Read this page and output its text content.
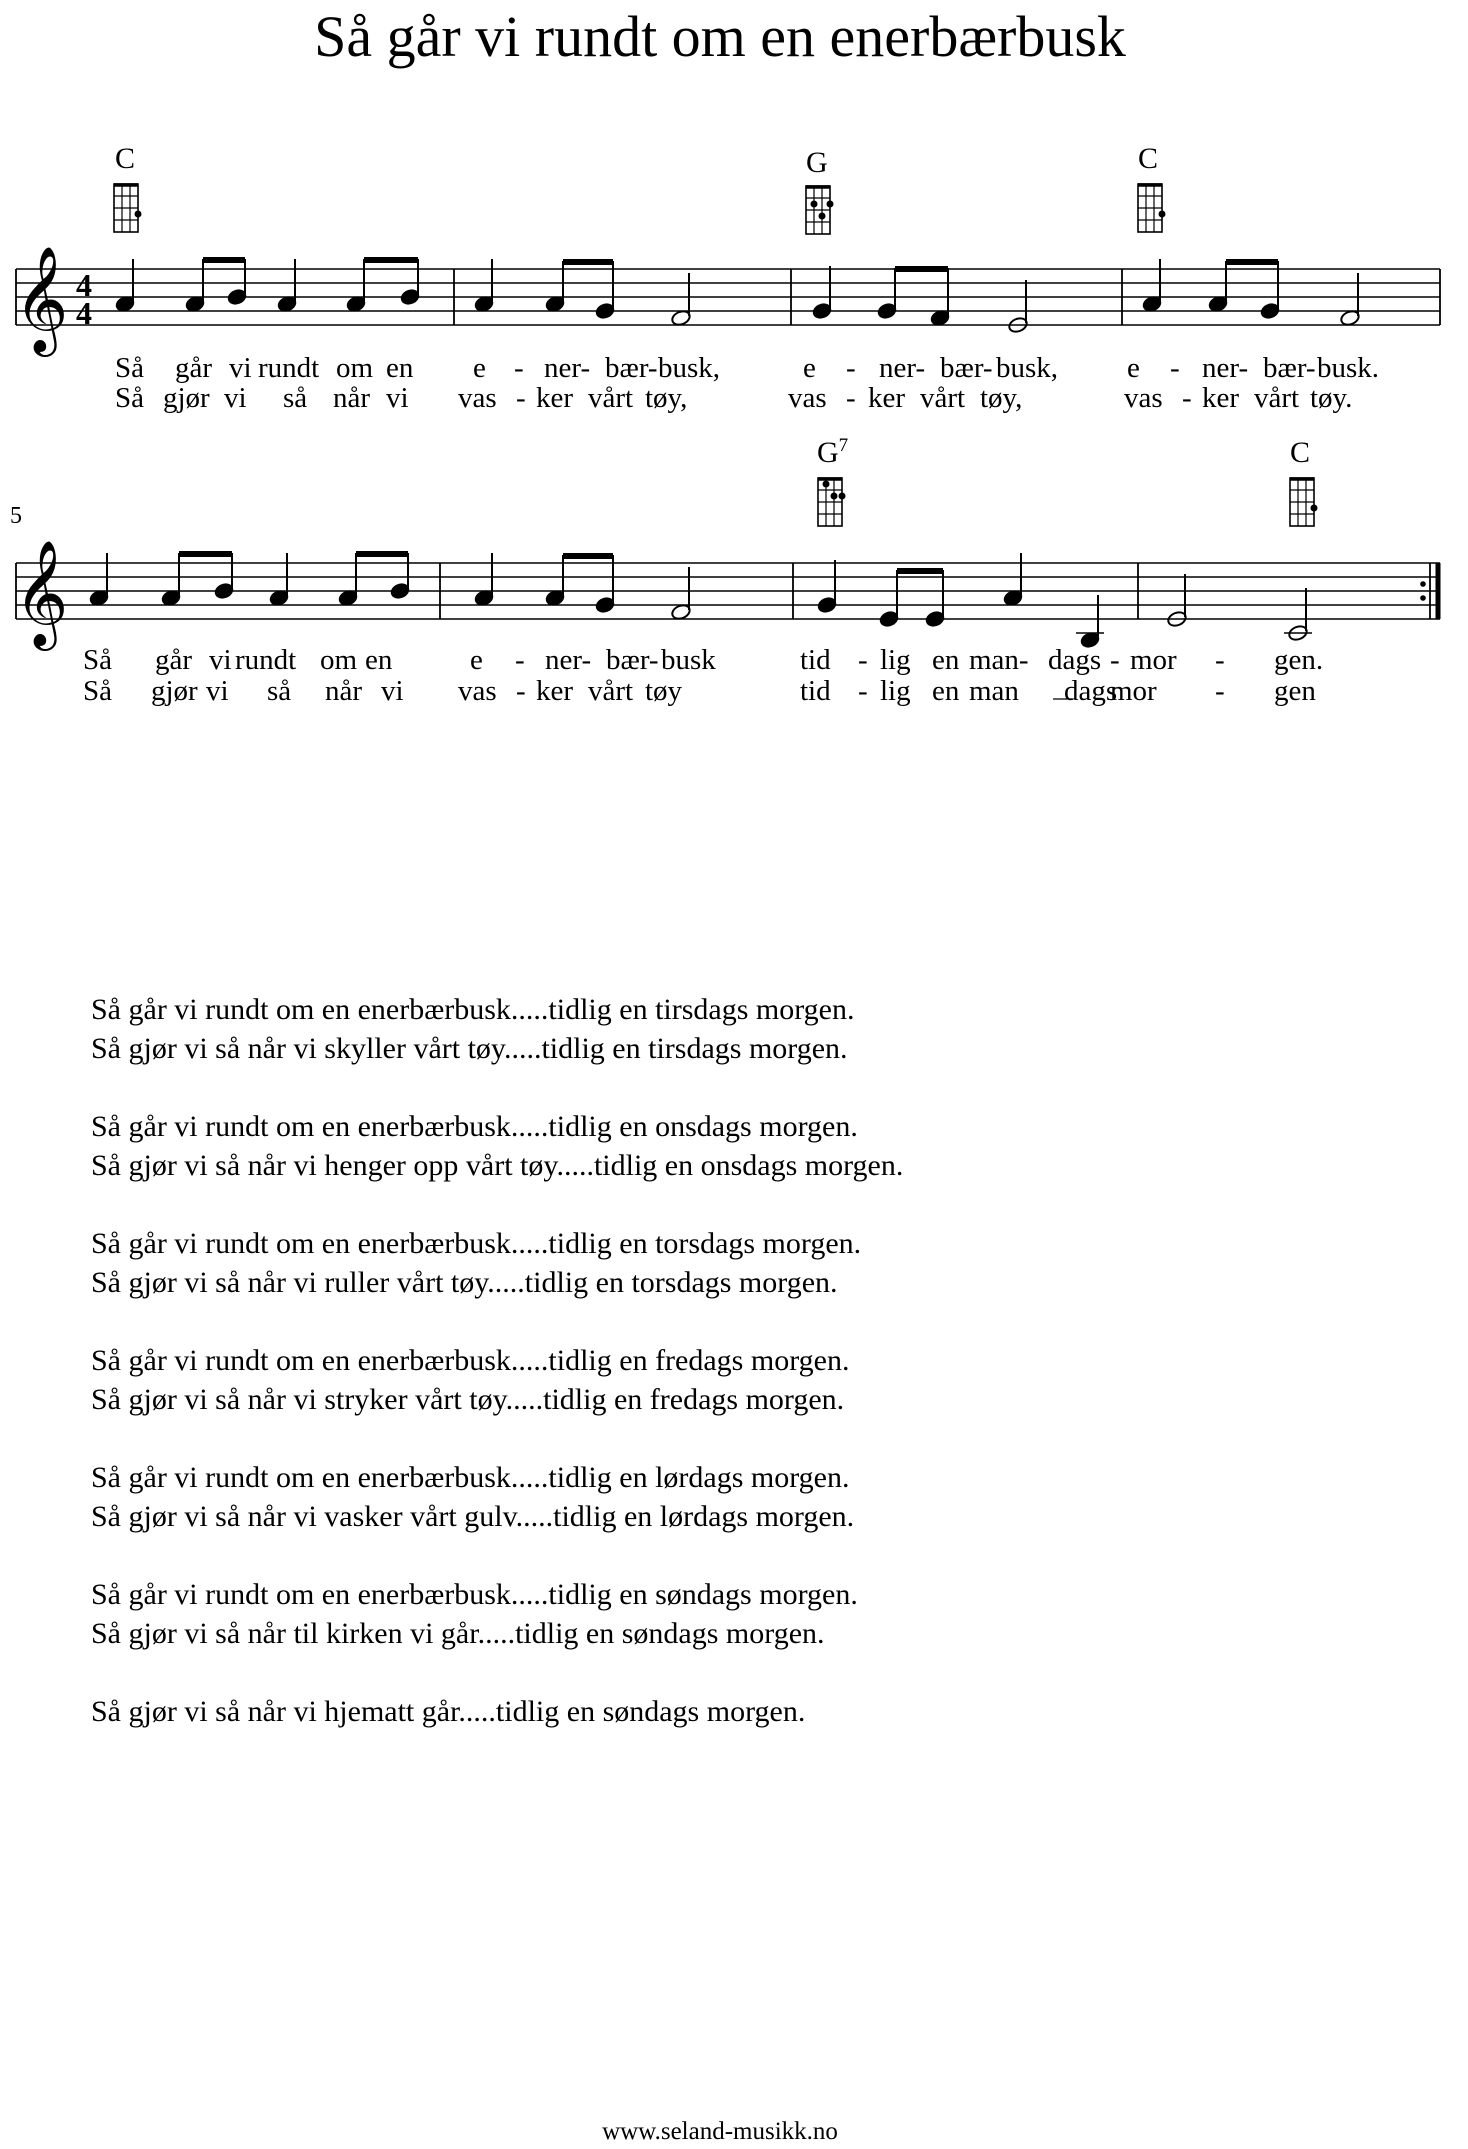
Så går vi rundt om en enerbærbusk
𝄞 4
4
5
𝄞
C	G	C
$G^7$	C
Så går vi rundt om en e - ner- bær- busk,	e - ner- bær- busk, e - ner- bær- busk.
Så gjør vi så når vi vas - ker vårt tøy,	vas - ker vårt tøy,	vas - ker vårt tøy.
Så går vi rundt om en	e - ner- bær- busk	tid - lig en man- dags - mor - gen.
Så gjør vi så når vi vas - ker vårt tøy	tid - lig en man dags
mor - gen

Så går vi rundt om en enerbærbusk.....tidlig en tirsdags morgen.

Så gjør vi så når vi skyller vårt tøy.....tidlig en tirsdags morgen.

Så går vi rundt om en enerbærbusk.....tidlig en onsdags morgen.

Så gjør vi så når vi henger opp vårt tøy.....tidlig en onsdags morgen.

Så går vi rundt om en enerbærbusk.....tidlig en torsdags morgen.

Så gjør vi så når vi ruller vårt tøy.....tidlig en torsdags morgen.

Så går vi rundt om en enerbærbusk.....tidlig en fredags morgen.

Så gjør vi så når vi stryker vårt tøy.....tidlig en fredags morgen.

Så går vi rundt om en enerbærbusk.....tidlig en lørdags morgen.

Så gjør vi så når vi vasker vårt gulv.....tidlig en lørdags morgen.

Så går vi rundt om en enerbærbusk.....tidlig en søndags morgen.

Så gjør vi så når til kirken vi går.....tidlig en søndags morgen.

Så gjør vi så når vi hjematt går.....tidlig en søndags morgen.

www.seland-musikk.no
